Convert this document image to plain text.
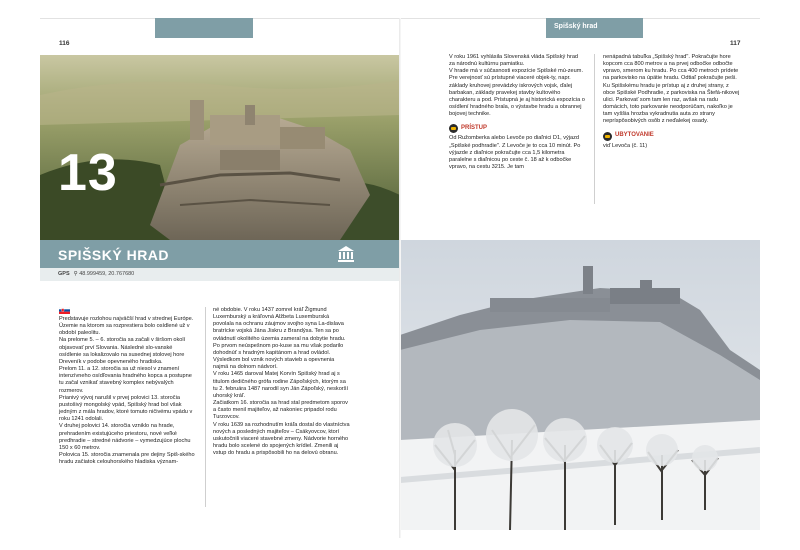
Spišský hrad
116	117
13
SPIŠSKÝ HRAD
GPS ⚲ 48.999459, 20.767680

Predstavuje rozlohou najväčší hrad v strednej Európe. Územie na ktorom sa rozprestiera bolo osídlené už v období paleolitu.

Na prelome 5. – 6. storočia sa začali v širšom okolí objavovať prví Slovania. Následné slo-vanské osídlenie sa lokalizovalo na susednej stolovej hore Dreveník v podobe opevneného hradiska.

Prelom 11. a 12. storočia sa už niesol v znamení intenzívneho osídľovania hradného kopca a postupne tu začal vznikať stavebný komplex nebývalých rozmerov.

Prianivý vývoj narušil v prvej polovici 13. storočia pustošivý mongolský vpád, Spišský hrad bol však jedným z mála hradov, ktoré tomuto ničivému vpádu v roku 1241 odolali.

V druhej polovici 14. storočia vzniklo na hrade, prehradením existujúceho priestoru, nové veľké predhradie – stredné nádvorie – vymedzujúce plochu 150 x 60 metrov.

Polovica 15. storočia znamenala pre dejiny Spiš-ského hradu začiatok celouhorského hladiska význam-

né obdobie. V roku 1437 zomrel kráľ Žigmund Luxemburský a kráľovná Alžbeta Luxemburská povolala na ochranu záujmov svojho syna La-dislava bratrícke vojská Jána Jiskru z Brandýsa. Ten sa po ovládnutí okolitého územia zameral na dobytie hradu. Po prvom neúspešnom po-kuse sa mu však podarilo dohodnúť s hradným kapitánom a hrad ovládol.

Výsledkom bol vznik nových stavieb a opevnenia najmä na dolnom nádvorí.

V roku 1465 daroval Matej Korvín Spišský hrad aj s titulom dedičného grófa rodine Zápoľských, ktorým sa tu 2. februára 1487 narodil syn Ján Zápoľský, neskorší uhorský kráľ.

Začiatkom 16. storočia sa hrad stal predmetom sporov a často menil majiteľov, až nakoniec pripadol rodu Turzovcov.

V roku 1639 sa rozhodnutím kráľa dostal do vlastníctva nových a posledných majiteľov – Csákyovcov, ktorí uskutočnili viaceré stavebné zmeny. Nádvorie horného hradu bolo scelené do spojených krídiel. Zmenili aj vstup do hradu a prispôsobili ho na delovú obranu.

V roku 1961 vyhlásila Slovenská vláda Spišský hrad za národnú kultúrnu pamiatku.

V hrade má v súčasnosti expozície Spišské mú-zeum. Pre verejnosť sú prístupné viaceré objek-ty, napr. základy kruhovej prevádzky iskrových vojsk, ďalej barbakan, základy pravekej stavby kultového charakteru a pod. Prístupná je aj historická expozícia o osídlení hradného brala, o výstavbe hradu a obrannej bojovej technike.

PRÍSTUP

Od Ružomberka alebo Levoče po diaľnici D1, výjazd „Spišské podhradie". Z Levoče je to cca 10 minút. Po výjazde z diaľnice pokračujte cca 1,5 kilometra paralelne s diaľnicou po ceste č. 18 až k odbočke vpravo, na cestu 3215. Je tam

nenápadná tabuľka „Spišský hrad". Pokračujte hore kopcom cca 800 metrov a na prvej odbočke odbočte vpravo, smerom ku hradu. Po cca 400 metroch prídete na parkovisko na úpätie hradu. Odtiaľ pokračujte peši.

Ku Spišskému hradu je prístup aj z druhej strany, z obce Spišské Podhradie, z parkoviska na Štefá-nikovej ulici. Parkovať som tam len raz, avšak na radu domácich, toto parkovanie neodporúčam, nakoľko je tam vyššia hrozba vykradnutia auta zo strany nepríspôsobivých osôb z neďalekej osady.

UBYTOVANIE

viď Levoča (č. 11)
